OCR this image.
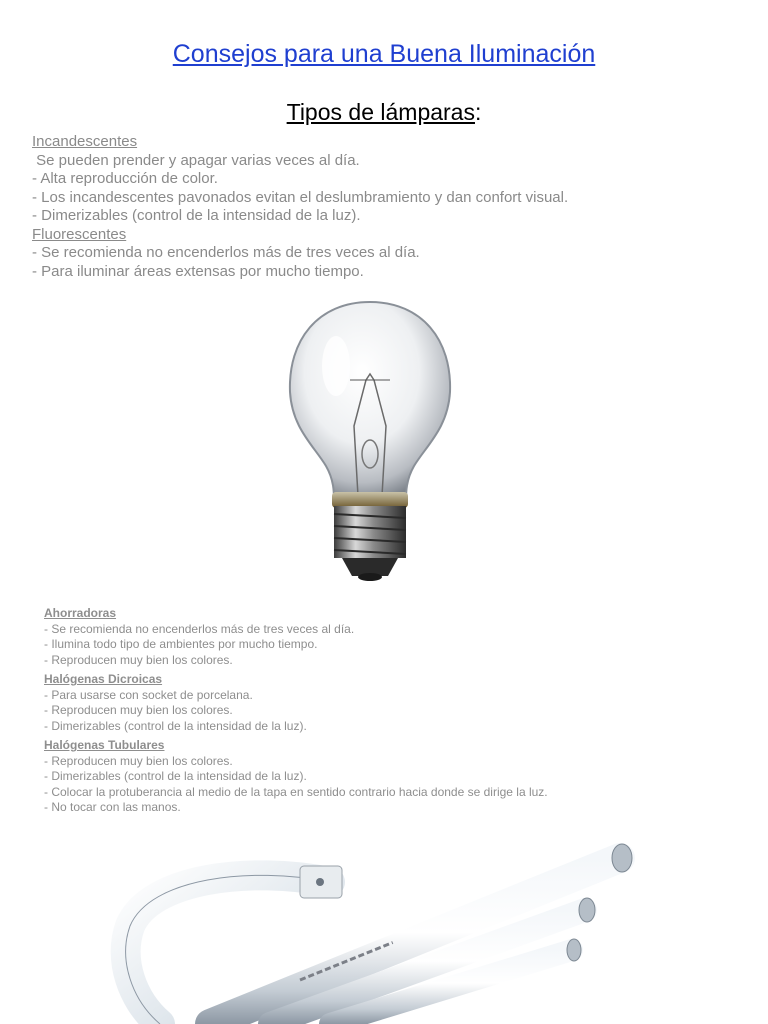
Consejos para una Buena Iluminación
Tipos de lámparas:
Incandescentes
Se pueden prender y apagar varias veces al día.
- Alta reproducción de color.
- Los incandescentes pavonados evitan el deslumbramiento y dan confort visual.
- Dimerizables (control de la intensidad de la luz).
Fluorescentes
- Se recomienda no encenderlos más de tres veces al día.
- Para iluminar áreas extensas por mucho tiempo.
Ahorradoras
- Se recomienda no encenderlos más de tres veces al día.
- Ilumina todo tipo de ambientes por mucho tiempo.
- Reproducen muy bien los colores.
Halógenas Dicroicas
- Para usarse con socket de porcelana.
- Reproducen muy bien los colores.
- Dimerizables (control de la intensidad de la luz).
Halógenas Tubulares
- Reproducen muy bien los colores.
- Dimerizables (control de la intensidad de la luz).
- Colocar la protuberancia al medio de la tapa en sentido contrario hacia donde se dirige la luz.
- No tocar con las manos.
